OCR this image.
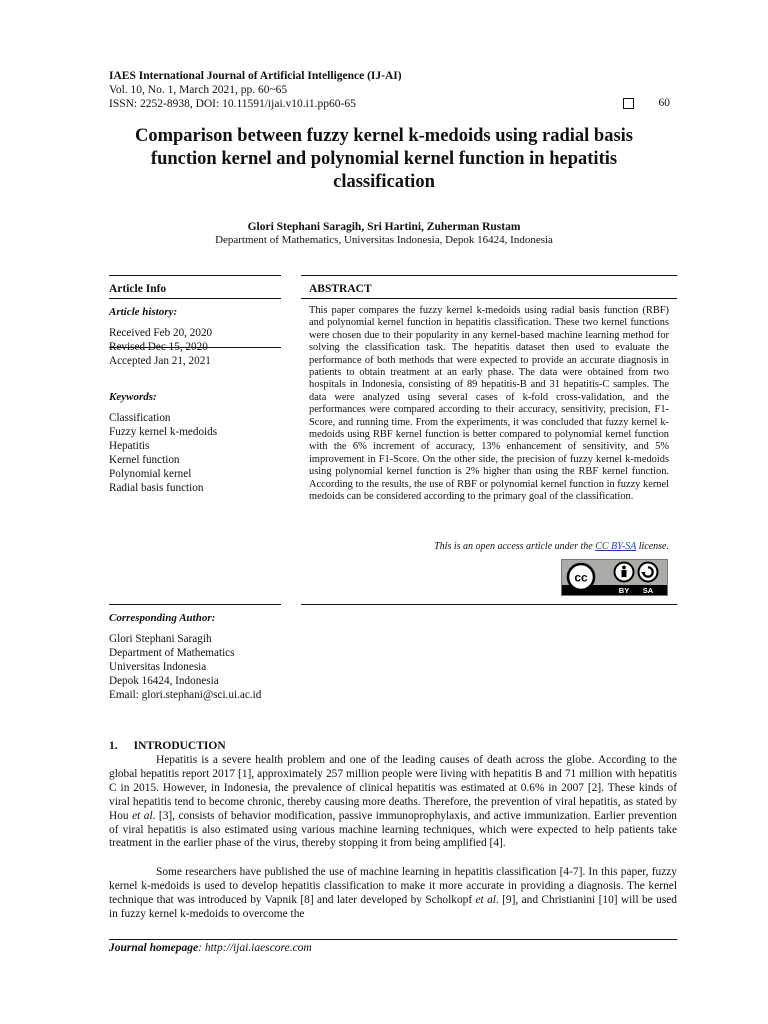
IAES International Journal of Artificial Intelligence (IJ-AI)
Vol. 10, No. 1, March 2021, pp. 60~65
ISSN: 2252-8938, DOI: 10.11591/ijai.v10.i1.pp60-65	60
Comparison between fuzzy kernel k-medoids using radial basis function kernel and polynomial kernel function in hepatitis classification
Glori Stephani Saragih, Sri Hartini, Zuherman Rustam
Department of Mathematics, Universitas Indonesia, Depok 16424, Indonesia
Article Info
Article history:
Received Feb 20, 2020
Revised Dec 15, 2020
Accepted Jan 21, 2021
Keywords:
Classification
Fuzzy kernel k-medoids
Hepatitis
Kernel function
Polynomial kernel
Radial basis function
ABSTRACT
This paper compares the fuzzy kernel k-medoids using radial basis function (RBF) and polynomial kernel function in hepatitis classification. These two kernel functions were chosen due to their popularity in any kernel-based machine learning method for solving the classification task. The hepatitis dataset then used to evaluate the performance of both methods that were expected to provide an accurate diagnosis in patients to obtain treatment at an early phase. The data were obtained from two hospitals in Indonesia, consisting of 89 hepatitis-B and 31 hepatitis-C samples. The data were analyzed using several cases of k-fold cross-validation, and the performances were compared according to their accuracy, sensitivity, precision, F1-Score, and running time. From the experiments, it was concluded that fuzzy kernel k-medoids using RBF kernel function is better compared to polynomial kernel function with the 6% increment of accuracy, 13% enhancement of sensitivity, and 5% improvement in F1-Score. On the other side, the precision of fuzzy kernel k-medoids using polynomial kernel function is 2% higher than using the RBF kernel function. According to the results, the use of RBF or polynomial kernel function in fuzzy kernel medoids can be considered according to the primary goal of the classification.
This is an open access article under the CC BY-SA license.
cc
BY SA
Corresponding Author:
Glori Stephani Saragih
Department of Mathematics
Universitas Indonesia
Depok 16424, Indonesia
Email: glori.stephani@sci.ui.ac.id
1. INTRODUCTION
Hepatitis is a severe health problem and one of the leading causes of death across the globe. According to the global hepatitis report 2017 [1], approximately 257 million people were living with hepatitis B and 71 million with hepatitis C in 2015. However, in Indonesia, the prevalence of clinical hepatitis was estimated at 0.6% in 2007 [2]. These kinds of viral hepatitis tend to become chronic, thereby causing more deaths. Therefore, the prevention of viral hepatitis, as stated by Hou et al. [3], consists of behavior modification, passive immunoprophylaxis, and active immunization. Earlier prevention of viral hepatitis is also estimated using various machine learning techniques, which were expected to help patients take treatment in the earlier phase of the virus, thereby stopping it from being amplified [4].
Some researchers have published the use of machine learning in hepatitis classification [4-7]. In this paper, fuzzy kernel k-medoids is used to develop hepatitis classification to make it more accurate in providing a diagnosis. The kernel technique that was introduced by Vapnik [8] and later developed by Scholkopf et al. [9], and Christianini [10] will be used in fuzzy kernel k-medoids to overcome the
Journal homepage: http://ijai.iaescore.com
